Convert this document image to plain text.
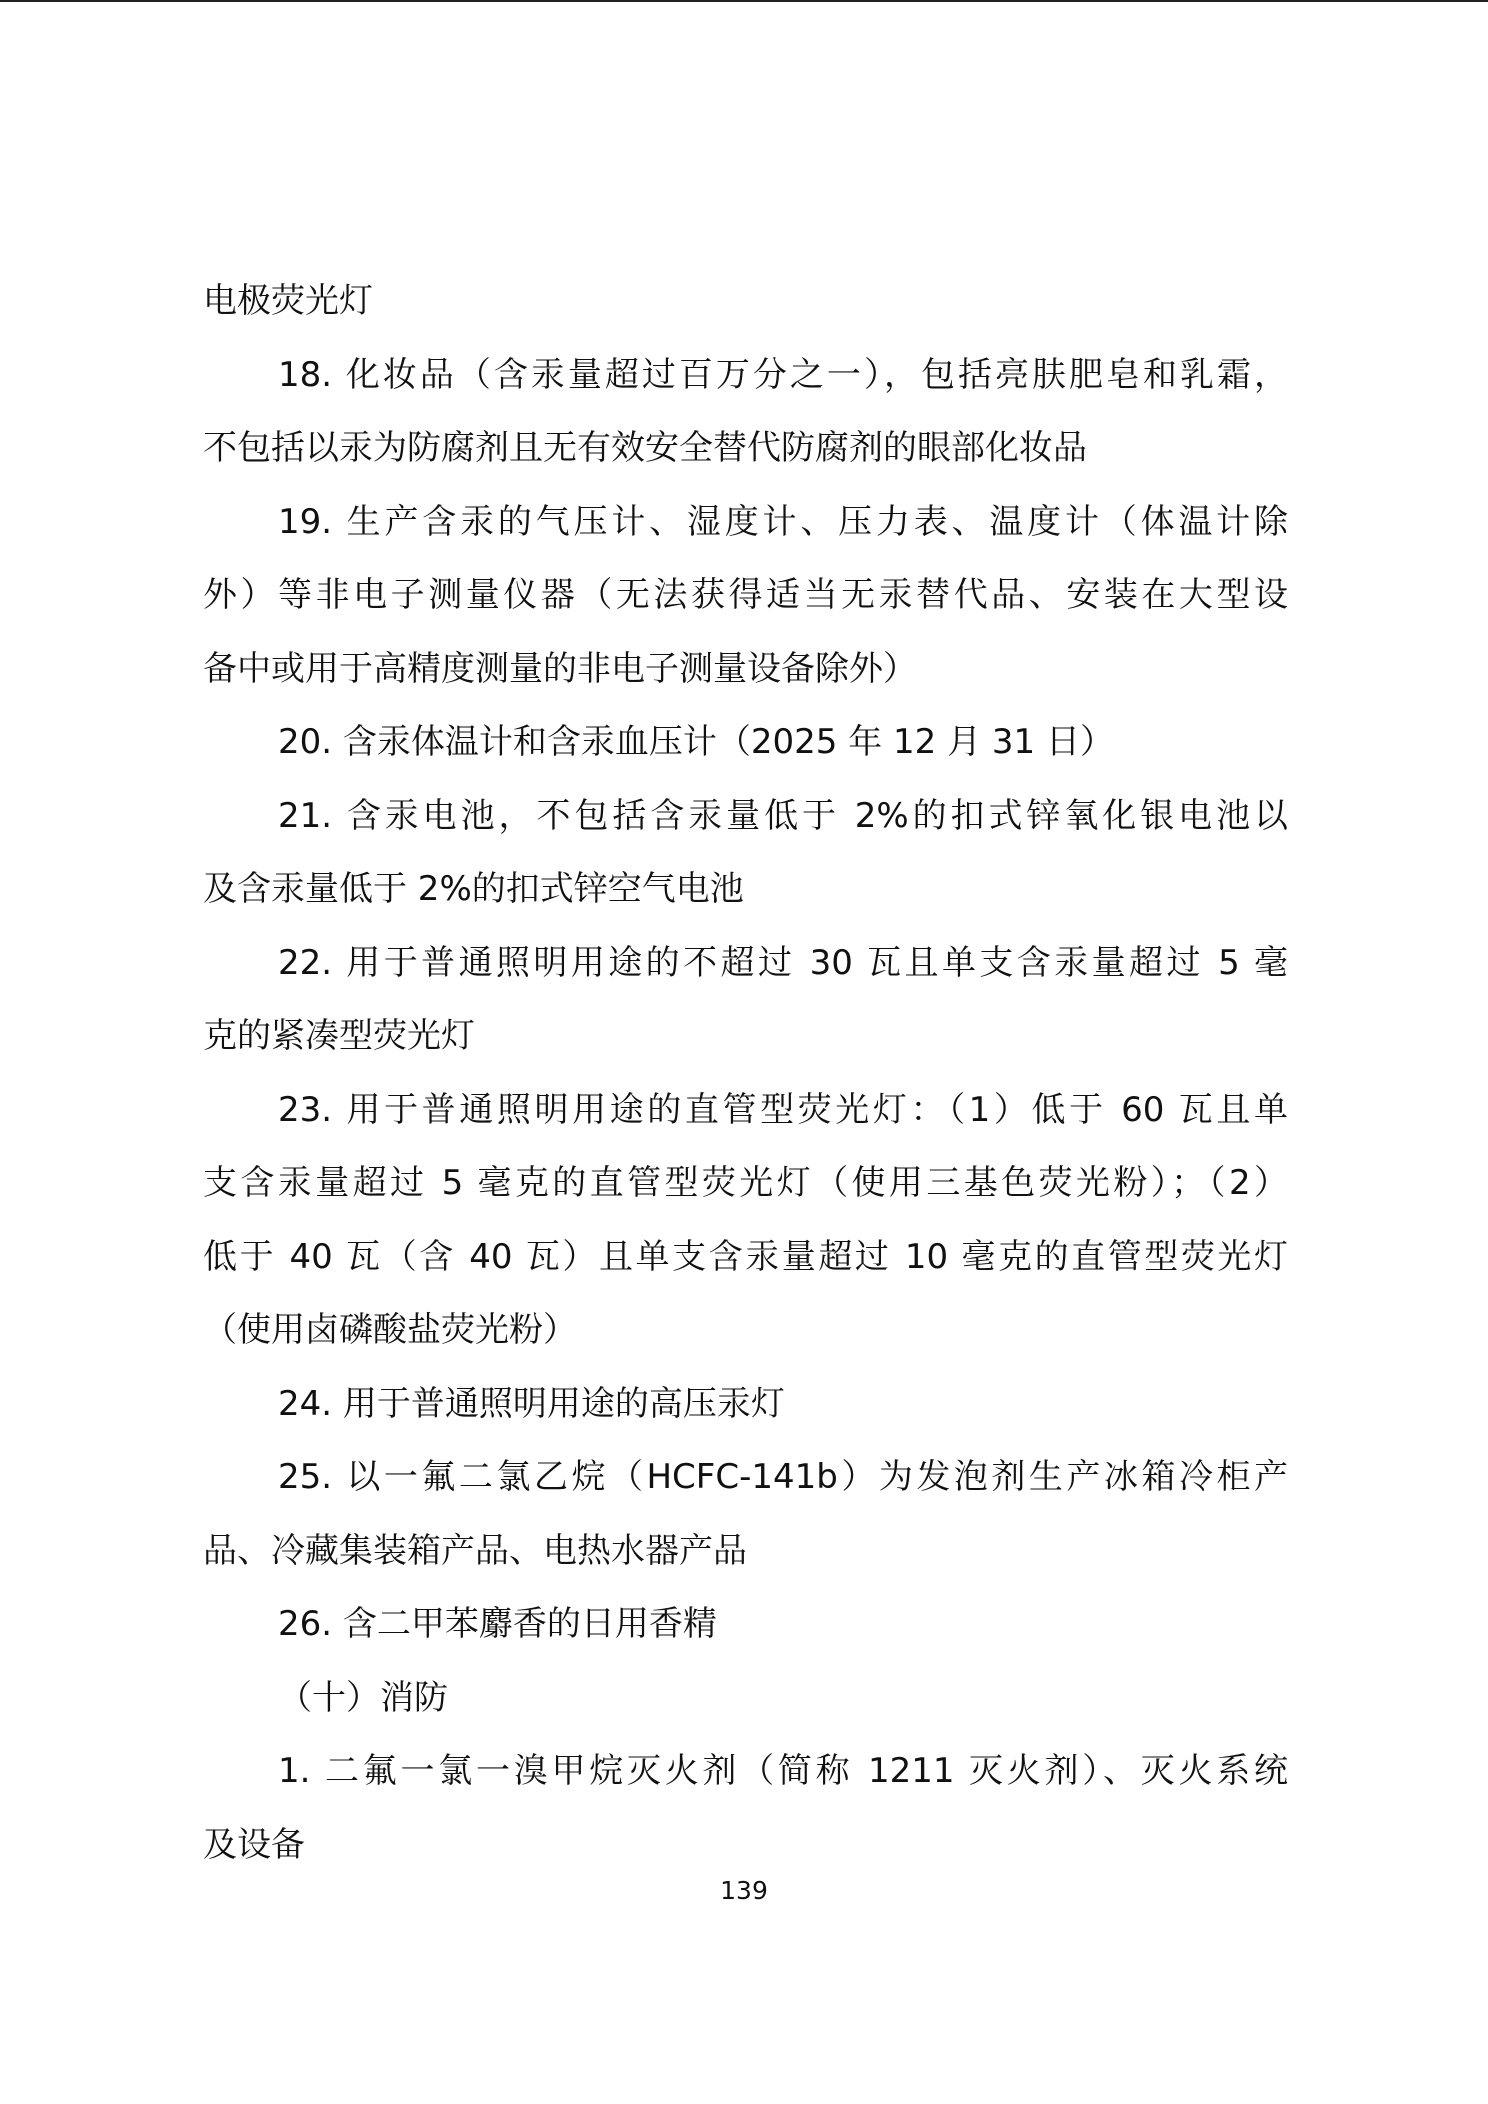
电极荧光灯
18. 化妆品（含汞量超过百万分之一），包括亮肤肥皂和乳霜，
不包括以汞为防腐剂且无有效安全替代防腐剂的眼部化妆品
19. 生产含汞的气压计、湿度计、压力表、温度计（体温计除
外）等非电子测量仪器（无法获得适当无汞替代品、安装在大型设
备中或用于高精度测量的非电子测量设备除外）
20. 含汞体温计和含汞血压计（2025 年 12 月 31 日）
21. 含汞电池，不包括含汞量低于 2%的扣式锌氧化银电池以
及含汞量低于 2%的扣式锌空气电池
22. 用于普通照明用途的不超过 30 瓦且单支含汞量超过 5 毫
克的紧凑型荧光灯
23. 用于普通照明用途的直管型荧光灯：（1）低于 60 瓦且单
支含汞量超过 5 毫克的直管型荧光灯（使用三基色荧光粉）；（2）
低于 40 瓦（含 40 瓦）且单支含汞量超过 10 毫克的直管型荧光灯
（使用卤磷酸盐荧光粉）
24. 用于普通照明用途的高压汞灯
25. 以一氟二氯乙烷（HCFC-141b）为发泡剂生产冰箱冷柜产
品、冷藏集装箱产品、电热水器产品
26. 含二甲苯麝香的日用香精
（十）消防
1. 二氟一氯一溴甲烷灭火剂（简称 1211 灭火剂）、灭火系统
及设备
139
